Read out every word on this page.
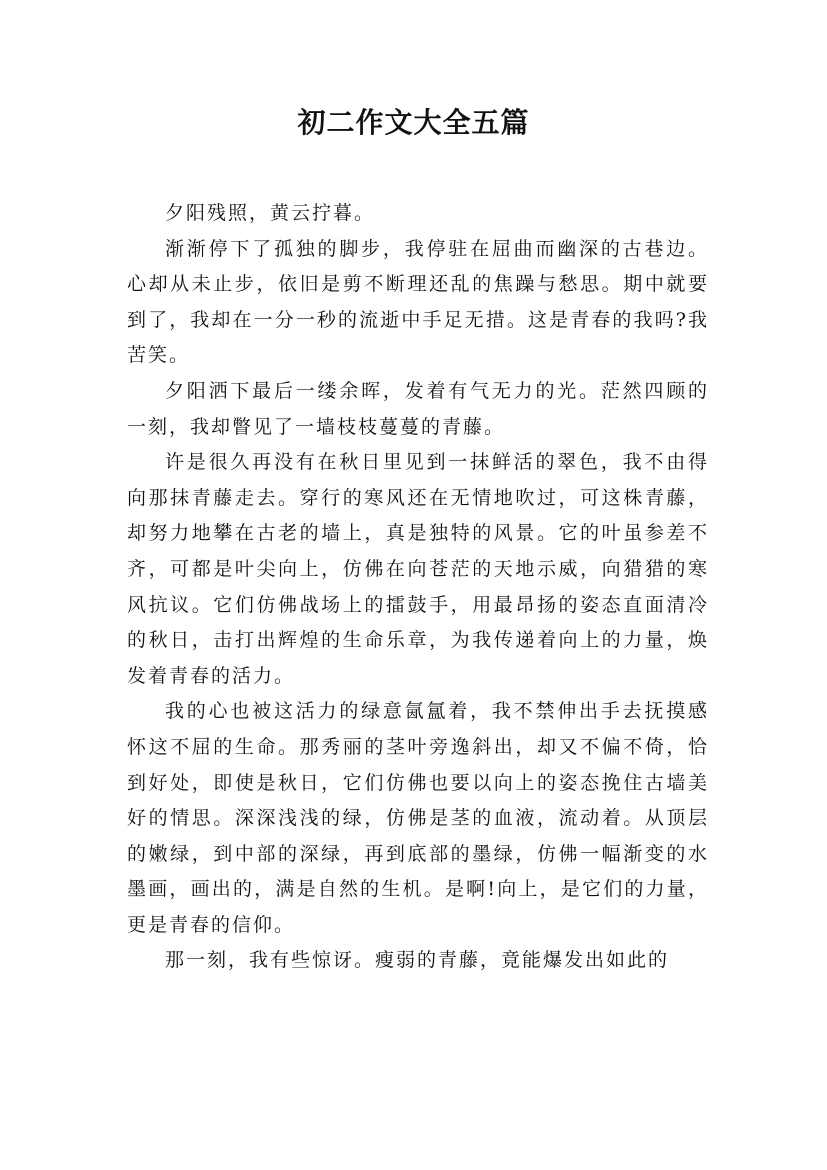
初二作文大全五篇

夕阳残照，黄云拧暮。

渐渐停下了孤独的脚步，我停驻在屈曲而幽深的古巷边。心却从未止步，依旧是剪不断理还乱的焦躁与愁思。期中就要到了，我却在一分一秒的流逝中手足无措。这是青春的我吗?我苦笑。

夕阳洒下最后一缕余晖，发着有气无力的光。茫然四顾的一刻，我却瞥见了一墙枝枝蔓蔓的青藤。

许是很久再没有在秋日里见到一抹鲜活的翠色，我不由得向那抹青藤走去。穿行的寒风还在无情地吹过，可这株青藤，却努力地攀在古老的墙上，真是独特的风景。它的叶虽参差不齐，可都是叶尖向上，仿佛在向苍茫的天地示威，向猎猎的寒风抗议。它们仿佛战场上的擂鼓手，用最昂扬的姿态直面清冷的秋日，击打出辉煌的生命乐章，为我传递着向上的力量，焕发着青春的活力。

我的心也被这活力的绿意氤氲着，我不禁伸出手去抚摸感怀这不屈的生命。那秀丽的茎叶旁逸斜出，却又不偏不倚，恰到好处，即使是秋日，它们仿佛也要以向上的姿态挽住古墙美好的情思。深深浅浅的绿，仿佛是茎的血液，流动着。从顶层的嫩绿，到中部的深绿，再到底部的墨绿，仿佛一幅渐变的水墨画，画出的，满是自然的生机。是啊!向上，是它们的力量，更是青春的信仰。

那一刻，我有些惊讶。瘦弱的青藤，竟能爆发出如此的
